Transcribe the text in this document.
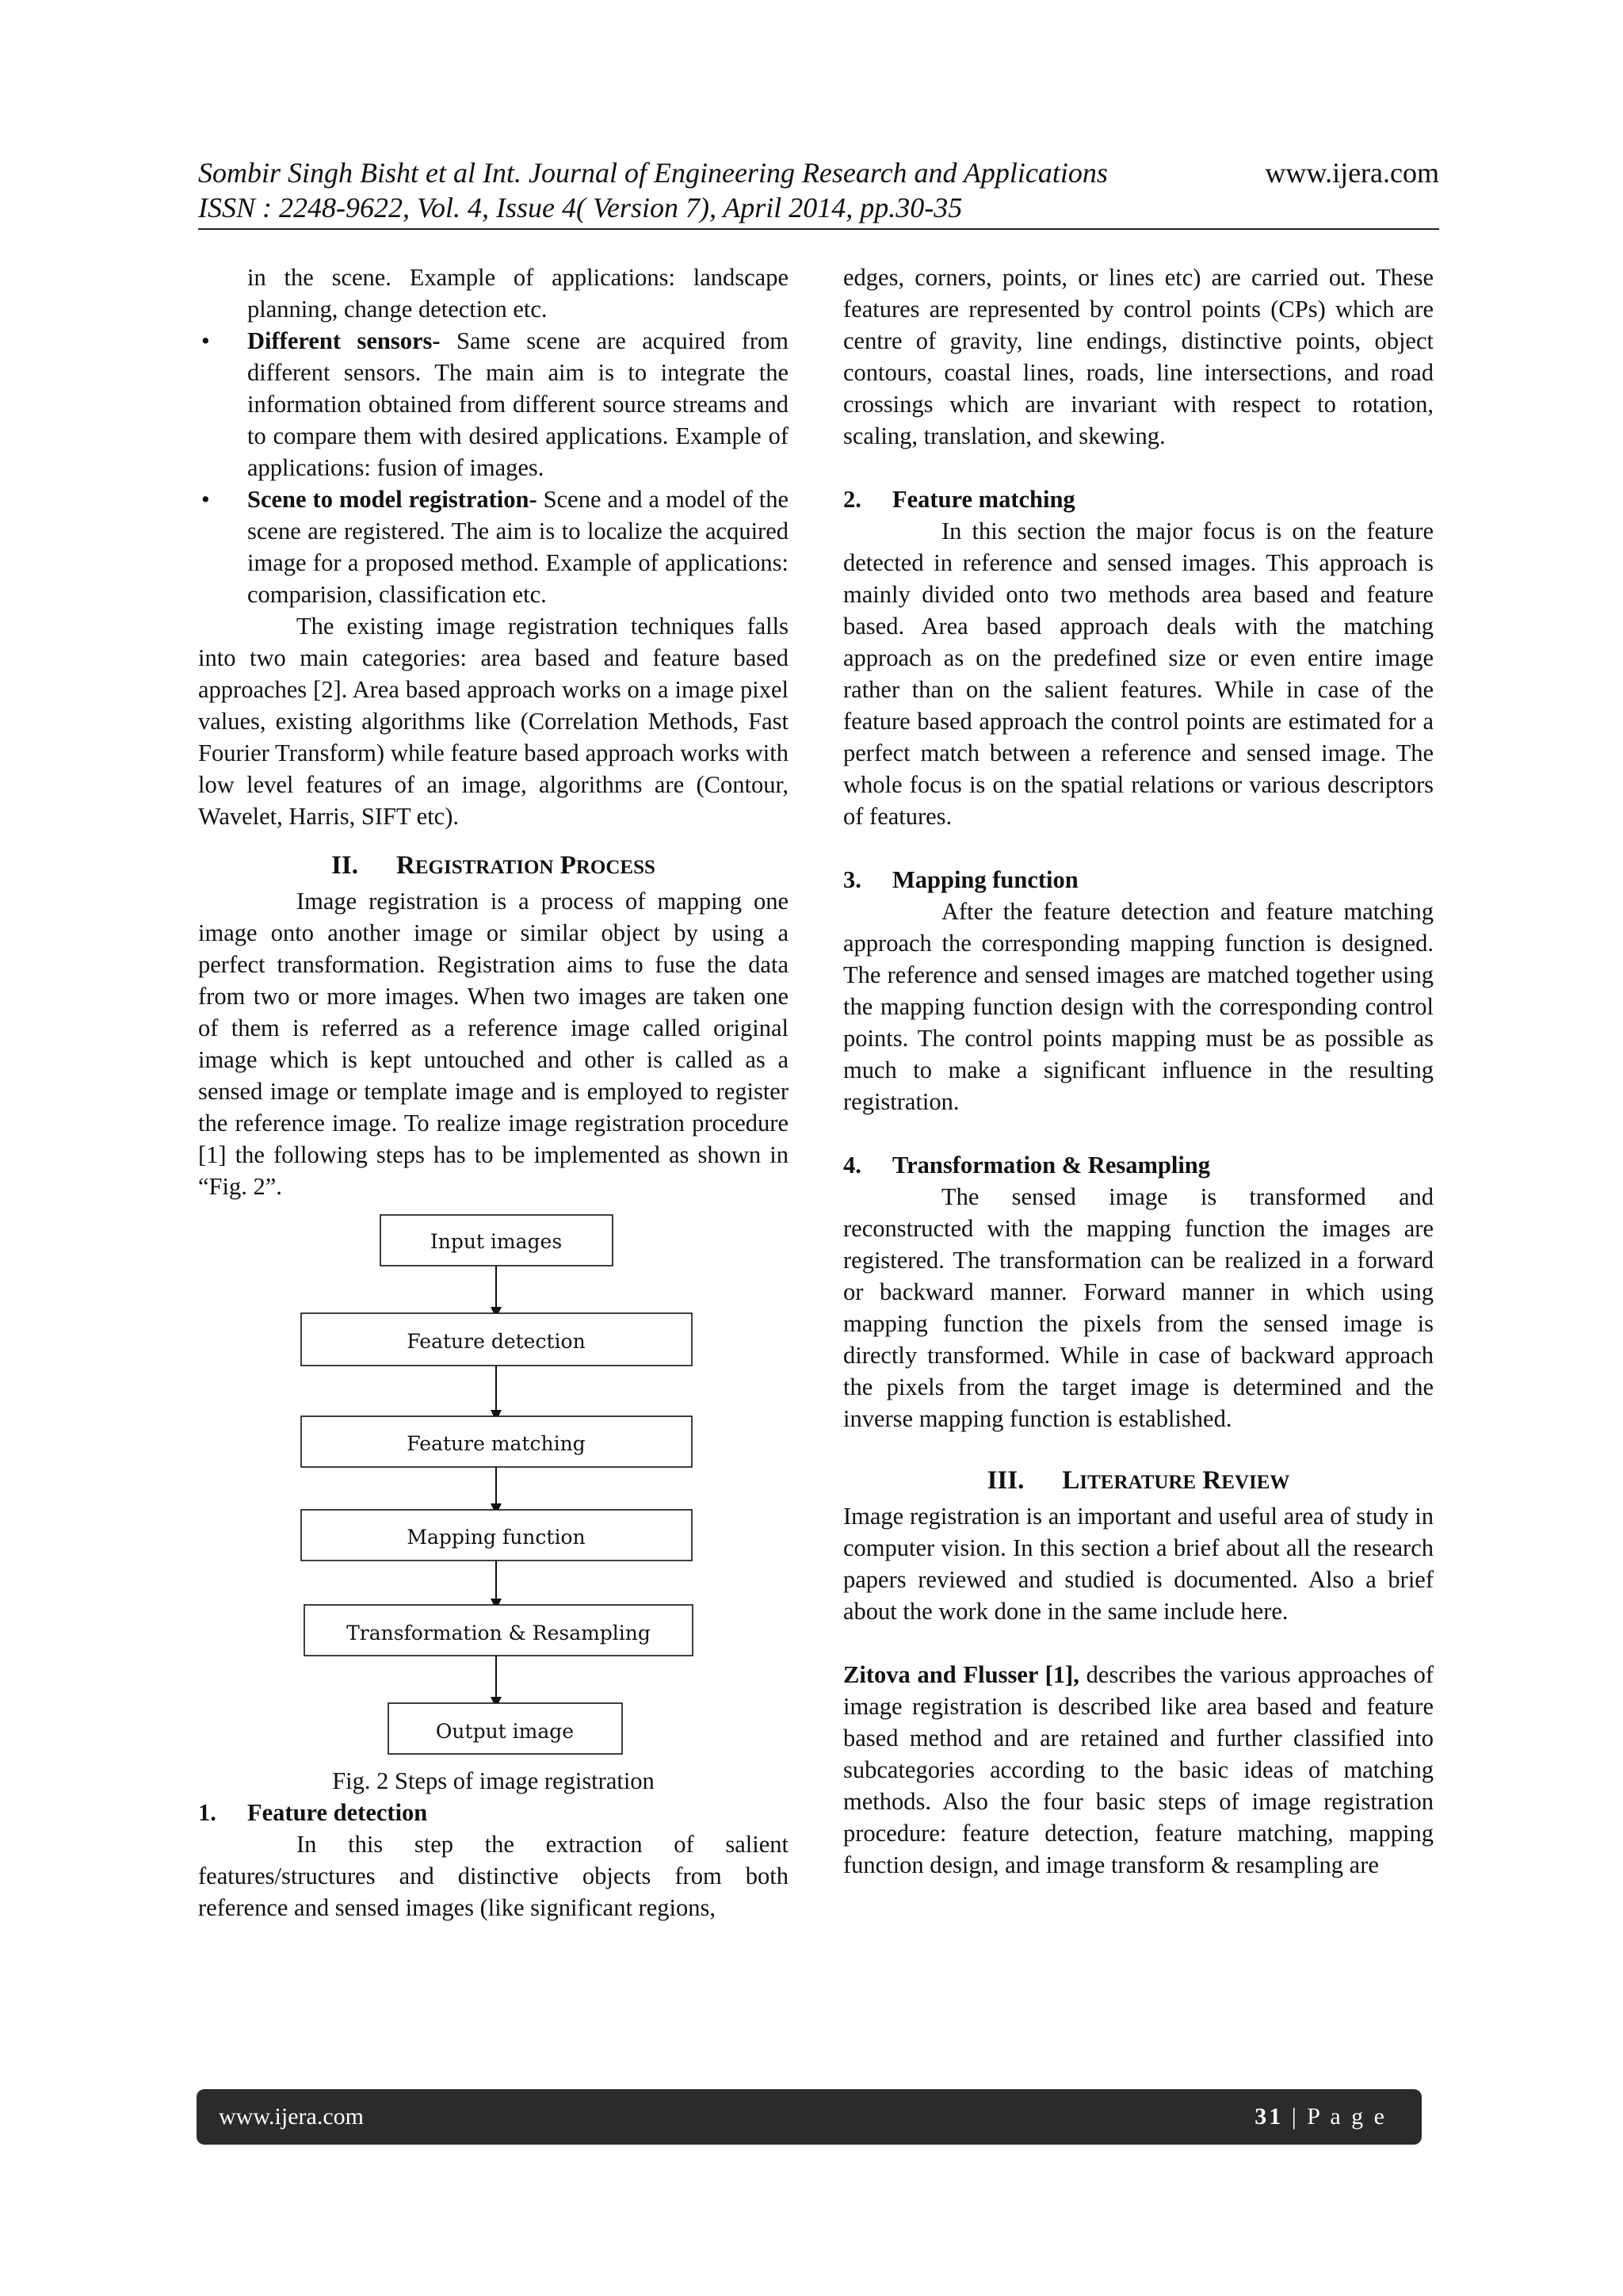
Sombir Singh Bisht et al Int. Journal of Engineering Research and Applications	www.ijera.com
ISSN : 2248-9622, Vol. 4, Issue 4( Version 7), April 2014, pp.30-35

in the scene. Example of applications: landscape planning, change detection etc.

• Different sensors- Same scene are acquired from different sensors. The main aim is to integrate the information obtained from different source streams and to compare them with desired applications. Example of applications: fusion of images.
• Scene to model registration- Scene and a model of the scene are registered. The aim is to localize the acquired image for a proposed method. Example of applications: comparision, classification etc.

The existing image registration techniques falls into two main categories: area based and feature based approaches [2]. Area based approach works on a image pixel values, existing algorithms like (Correlation Methods, Fast Fourier Transform) while feature based approach works with low level features of an image, algorithms are (Contour, Wavelet, Harris, SIFT etc).

II. REGISTRATION PROCESS

Image registration is a process of mapping one image onto another image or similar object by using a perfect transformation. Registration aims to fuse the data from two or more images. When two images are taken one of them is referred as a reference image called original image which is kept untouched and other is called as a sensed image or template image and is employed to register the reference image. To realize image registration procedure [1] the following steps has to be implemented as shown in “Fig. 2”.

Input images
Feature detection
Feature matching
Mapping function
Transformation & Resampling
Output image

Fig. 2 Steps of image registration

1. Feature detection

In this step the extraction of salient features/structures and distinctive objects from both reference and sensed images (like significant regions,

edges, corners, points, or lines etc) are carried out. These features are represented by control points (CPs) which are centre of gravity, line endings, distinctive points, object contours, coastal lines, roads, line intersections, and road crossings which are invariant with respect to rotation, scaling, translation, and skewing.

2. Feature matching

In this section the major focus is on the feature detected in reference and sensed images. This approach is mainly divided onto two methods area based and feature based. Area based approach deals with the matching approach as on the predefined size or even entire image rather than on the salient features. While in case of the feature based approach the control points are estimated for a perfect match between a reference and sensed image. The whole focus is on the spatial relations or various descriptors of features.

3. Mapping function

After the feature detection and feature matching approach the corresponding mapping function is designed. The reference and sensed images are matched together using the mapping function design with the corresponding control points. The control points mapping must be as possible as much to make a significant influence in the resulting registration.

4. Transformation & Resampling

The sensed image is transformed and reconstructed with the mapping function the images are registered. The transformation can be realized in a forward or backward manner. Forward manner in which using mapping function the pixels from the sensed image is directly transformed. While in case of backward approach the pixels from the target image is determined and the inverse mapping function is established.

III. LITERATURE REVIEW

Image registration is an important and useful area of study in computer vision. In this section a brief about all the research papers reviewed and studied is documented. Also a brief about the work done in the same include here.

Zitova and Flusser [1], describes the various approaches of image registration is described like area based and feature based method and are retained and further classified into subcategories according to the basic ideas of matching methods. Also the four basic steps of image registration procedure: feature detection, feature matching, mapping function design, and image transform & resampling are

www.ijera.com	31 | P a g e
